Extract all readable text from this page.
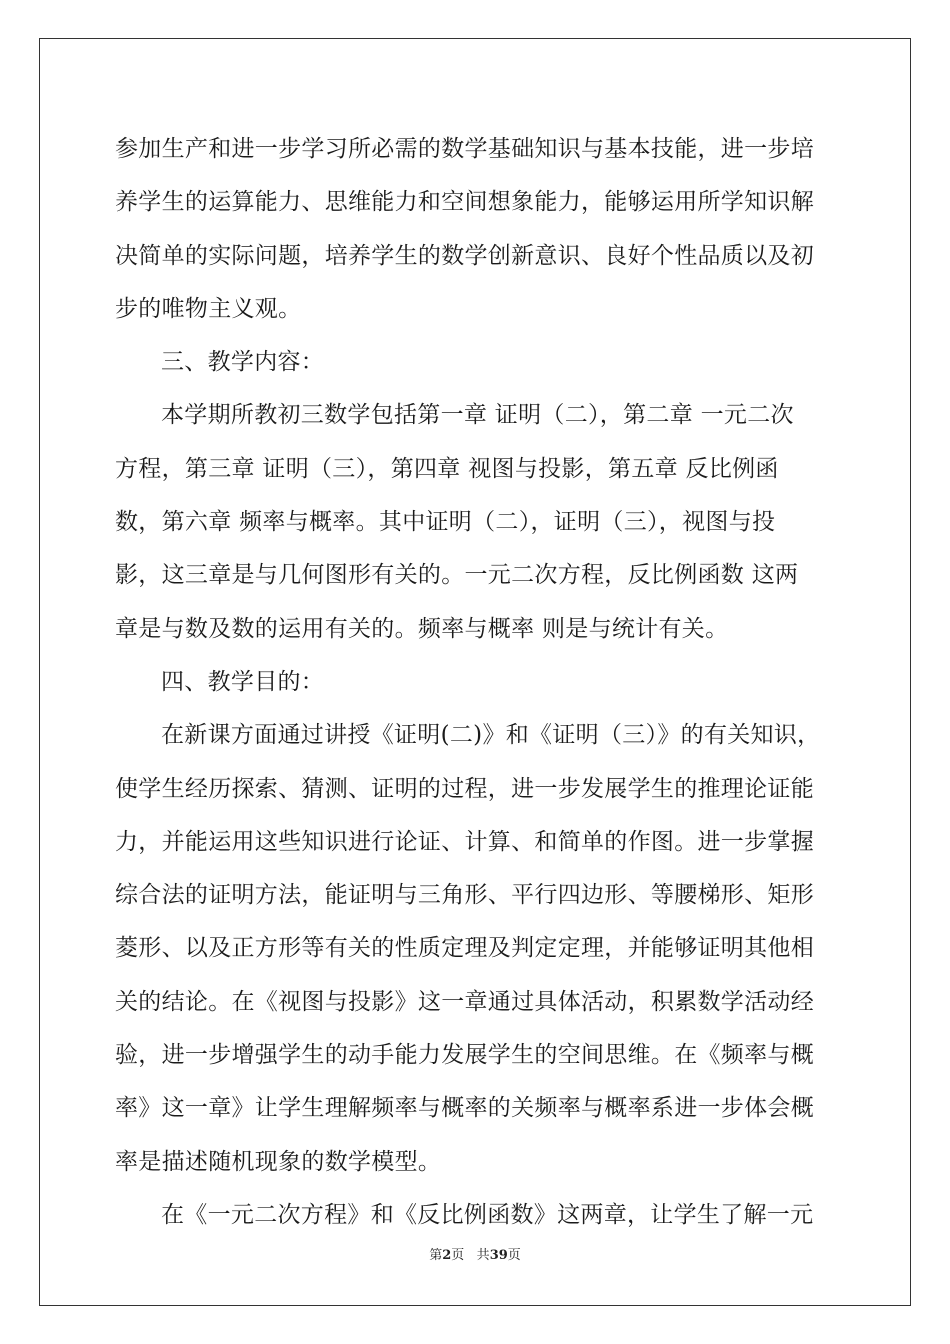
参加生产和进一步学习所必需的数学基础知识与基本技能，进一步培
养学生的运算能力、思维能力和空间想象能力，能够运用所学知识解
决简单的实际问题，培养学生的数学创新意识、良好个性品质以及初
步的唯物主义观。
三、教学内容：
本学期所教初三数学包括第一章 证明（二），第二章 一元二次
方程，第三章 证明（三），第四章 视图与投影，第五章 反比例函
数，第六章 频率与概率。其中证明（二），证明（三），视图与投
影，这三章是与几何图形有关的。一元二次方程，反比例函数 这两
章是与数及数的运用有关的。频率与概率 则是与统计有关。
四、教学目的：
在新课方面通过讲授《证明(二)》和《证明（三）》的有关知识，
使学生经历探索、猜测、证明的过程，进一步发展学生的推理论证能
力，并能运用这些知识进行论证、计算、和简单的作图。进一步掌握
综合法的证明方法，能证明与三角形、平行四边形、等腰梯形、矩形
菱形、以及正方形等有关的性质定理及判定定理，并能够证明其他相
关的结论。在《视图与投影》这一章通过具体活动，积累数学活动经
验，进一步增强学生的动手能力发展学生的空间思维。在《频率与概
率》这一章》让学生理解频率与概率的关频率与概率系进一步体会概
率是描述随机现象的数学模型。
在《一元二次方程》和《反比例函数》这两章，让学生了解一元
第2页 共39页
